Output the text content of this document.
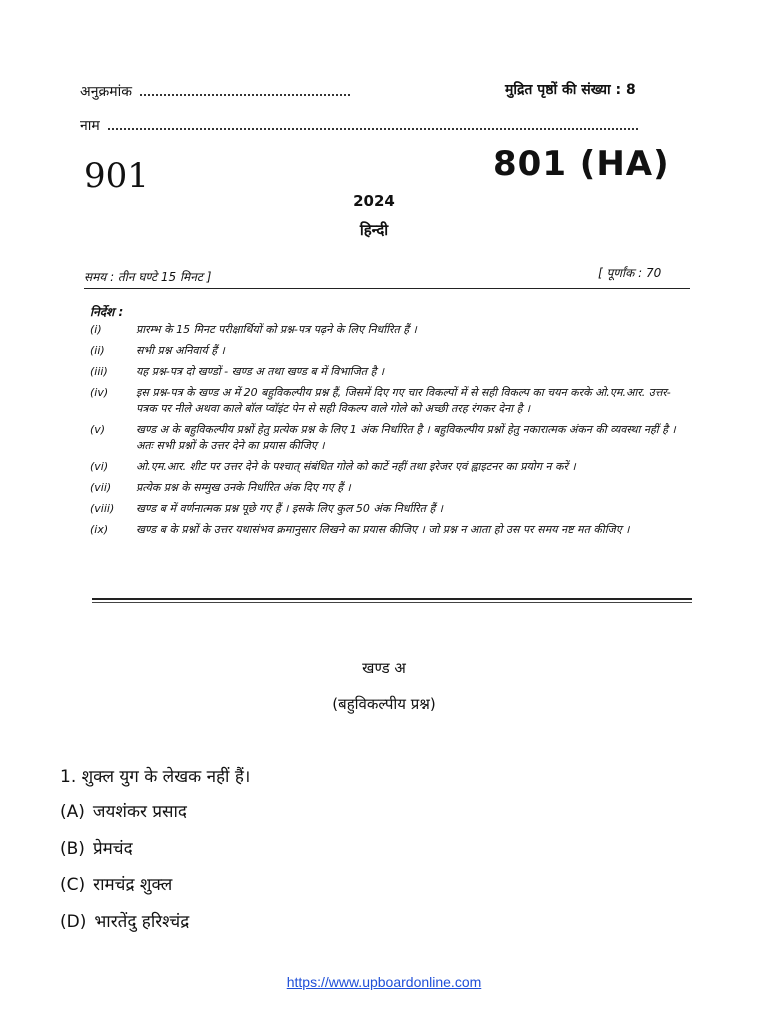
अनुक्रमांक	मुद्रित पृष्ठों की संख्या : 8
नाम
901	801 (HA)
2024
हिन्दी
समय : तीन घण्टे 15 मिनट ]	[ पूर्णांक : 70
निर्देश :
(i)	प्रारम्भ के 15 मिनट परीक्षार्थियों को प्रश्न-पत्र पढ़ने के लिए निर्धारित हैं ।
(ii)	सभी प्रश्न अनिवार्य हैं ।
(iii)	यह प्रश्न-पत्र दो खण्डों - खण्ड अ तथा खण्ड ब में विभाजित है ।
(iv)	इस प्रश्न-पत्र के खण्ड अ में 20 बहुविकल्पीय प्रश्न हैं, जिसमें दिए गए चार विकल्पों में से सही विकल्प का चयन करके ओ.एम.आर. उत्तर-पत्रक पर नीले अथवा काले बॉल प्वॉइंट पेन से सही विकल्प वाले गोले को अच्छी तरह रंगकर देना है ।
(v)	खण्ड अ के बहुविकल्पीय प्रश्नों हेतु प्रत्येक प्रश्न के लिए 1 अंक निर्धारित है । बहुविकल्पीय प्रश्नों हेतु नकारात्मक अंकन की व्यवस्था नहीं है । अतः सभी प्रश्नों के उत्तर देने का प्रयास कीजिए ।
(vi)	ओ.एम.आर. शीट पर उत्तर देने के पश्चात् संबंधित गोले को काटें नहीं तथा इरेजर एवं ह्वाइटनर का प्रयोग न करें ।
(vii)	प्रत्येक प्रश्न के सम्मुख उनके निर्धारित अंक दिए गए हैं ।
(viii)	खण्ड ब में वर्णनात्मक प्रश्न पूछे गए हैं । इसके लिए कुल 50 अंक निर्धारित हैं ।
(ix)	खण्ड ब के प्रश्नों के उत्तर यथासंभव क्रमानुसार लिखने का प्रयास कीजिए । जो प्रश्न न आता हो उस पर समय नष्ट मत कीजिए ।
खण्ड अ
(बहुविकल्पीय प्रश्न)
1. शुक्ल युग के लेखक नहीं हैं।
(A) जयशंकर प्रसाद
(B) प्रेमचंद
(C) रामचंद्र शुक्ल
(D) भारतेंदु हरिश्चंद्र
https://www.upboardonline.com
